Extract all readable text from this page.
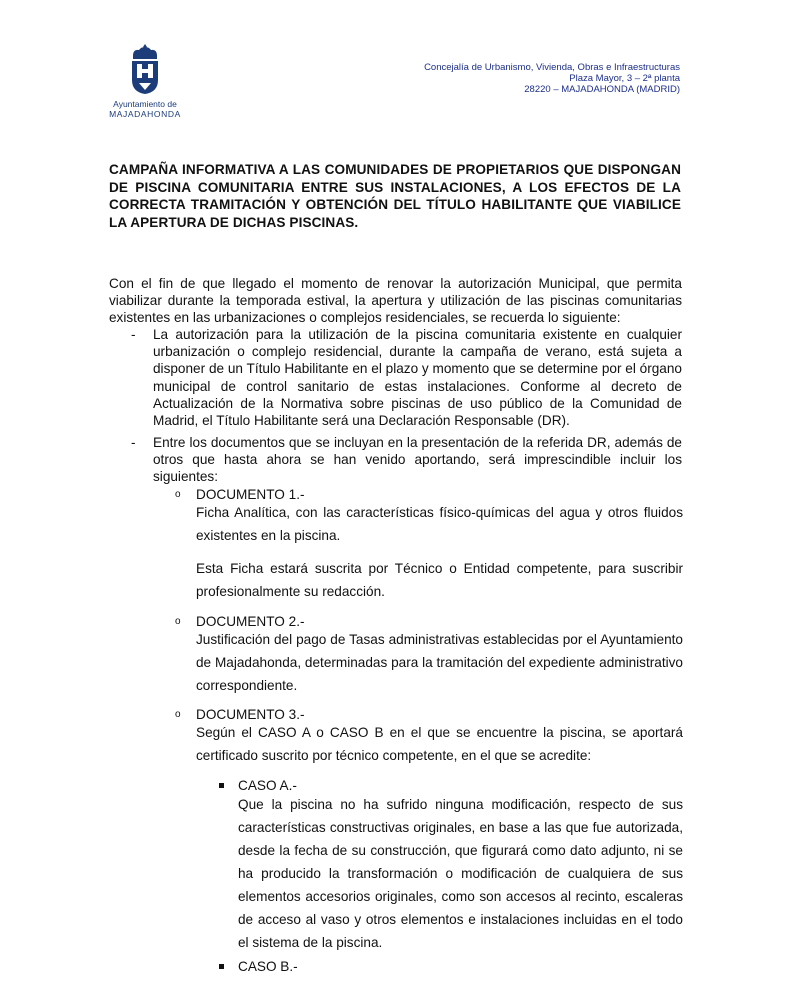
Ayuntamiento de
MAJADAHONDA
Concejalía de Urbanismo, Vivienda, Obras e Infraestructuras
Plaza Mayor, 3 – 2ª planta
28220 – MAJADAHONDA (MADRID)
CAMPAÑA INFORMATIVA A LAS COMUNIDADES DE PROPIETARIOS QUE DISPONGAN DE PISCINA COMUNITARIA ENTRE SUS INSTALACIONES, A LOS EFECTOS DE LA CORRECTA TRAMITACIÓN Y OBTENCIÓN DEL TÍTULO HABILITANTE QUE VIABILICE LA APERTURA DE DICHAS PISCINAS.
Con el fin de que llegado el momento de renovar la autorización Municipal, que permita viabilizar durante la temporada estival, la apertura y utilización de las piscinas comunitarias existentes en las urbanizaciones o complejos residenciales, se recuerda lo siguiente:
- La autorización para la utilización de la piscina comunitaria existente en cualquier urbanización o complejo residencial, durante la campaña de verano, está sujeta a disponer de un Título Habilitante en el plazo y momento que se determine por el órgano municipal de control sanitario de estas instalaciones. Conforme al decreto de Actualización de la Normativa sobre piscinas de uso público de la Comunidad de Madrid, el Título Habilitante será una Declaración Responsable (DR).
- Entre los documentos que se incluyan en la presentación de la referida DR, además de otros que hasta ahora se han venido aportando, será imprescindible incluir los siguientes:
o DOCUMENTO 1.-
Ficha Analítica, con las características físico-químicas del agua y otros fluidos existentes en la piscina.
Esta Ficha estará suscrita por Técnico o Entidad competente, para suscribir profesionalmente su redacción.
o DOCUMENTO 2.-
Justificación del pago de Tasas administrativas establecidas por el Ayuntamiento de Majadahonda, determinadas para la tramitación del expediente administrativo correspondiente.
o DOCUMENTO 3.-
Según el CASO A o CASO B en el que se encuentre la piscina, se aportará certificado suscrito por técnico competente, en el que se acredite:
CASO A.-
Que la piscina no ha sufrido ninguna modificación, respecto de sus características constructivas originales, en base a las que fue autorizada, desde la fecha de su construcción, que figurará como dato adjunto, ni se ha producido la transformación o modificación de cualquiera de sus elementos accesorios originales, como son accesos al recinto, escaleras de acceso al vaso y otros elementos e instalaciones incluidas en el todo el sistema de la piscina.
CASO B.-
